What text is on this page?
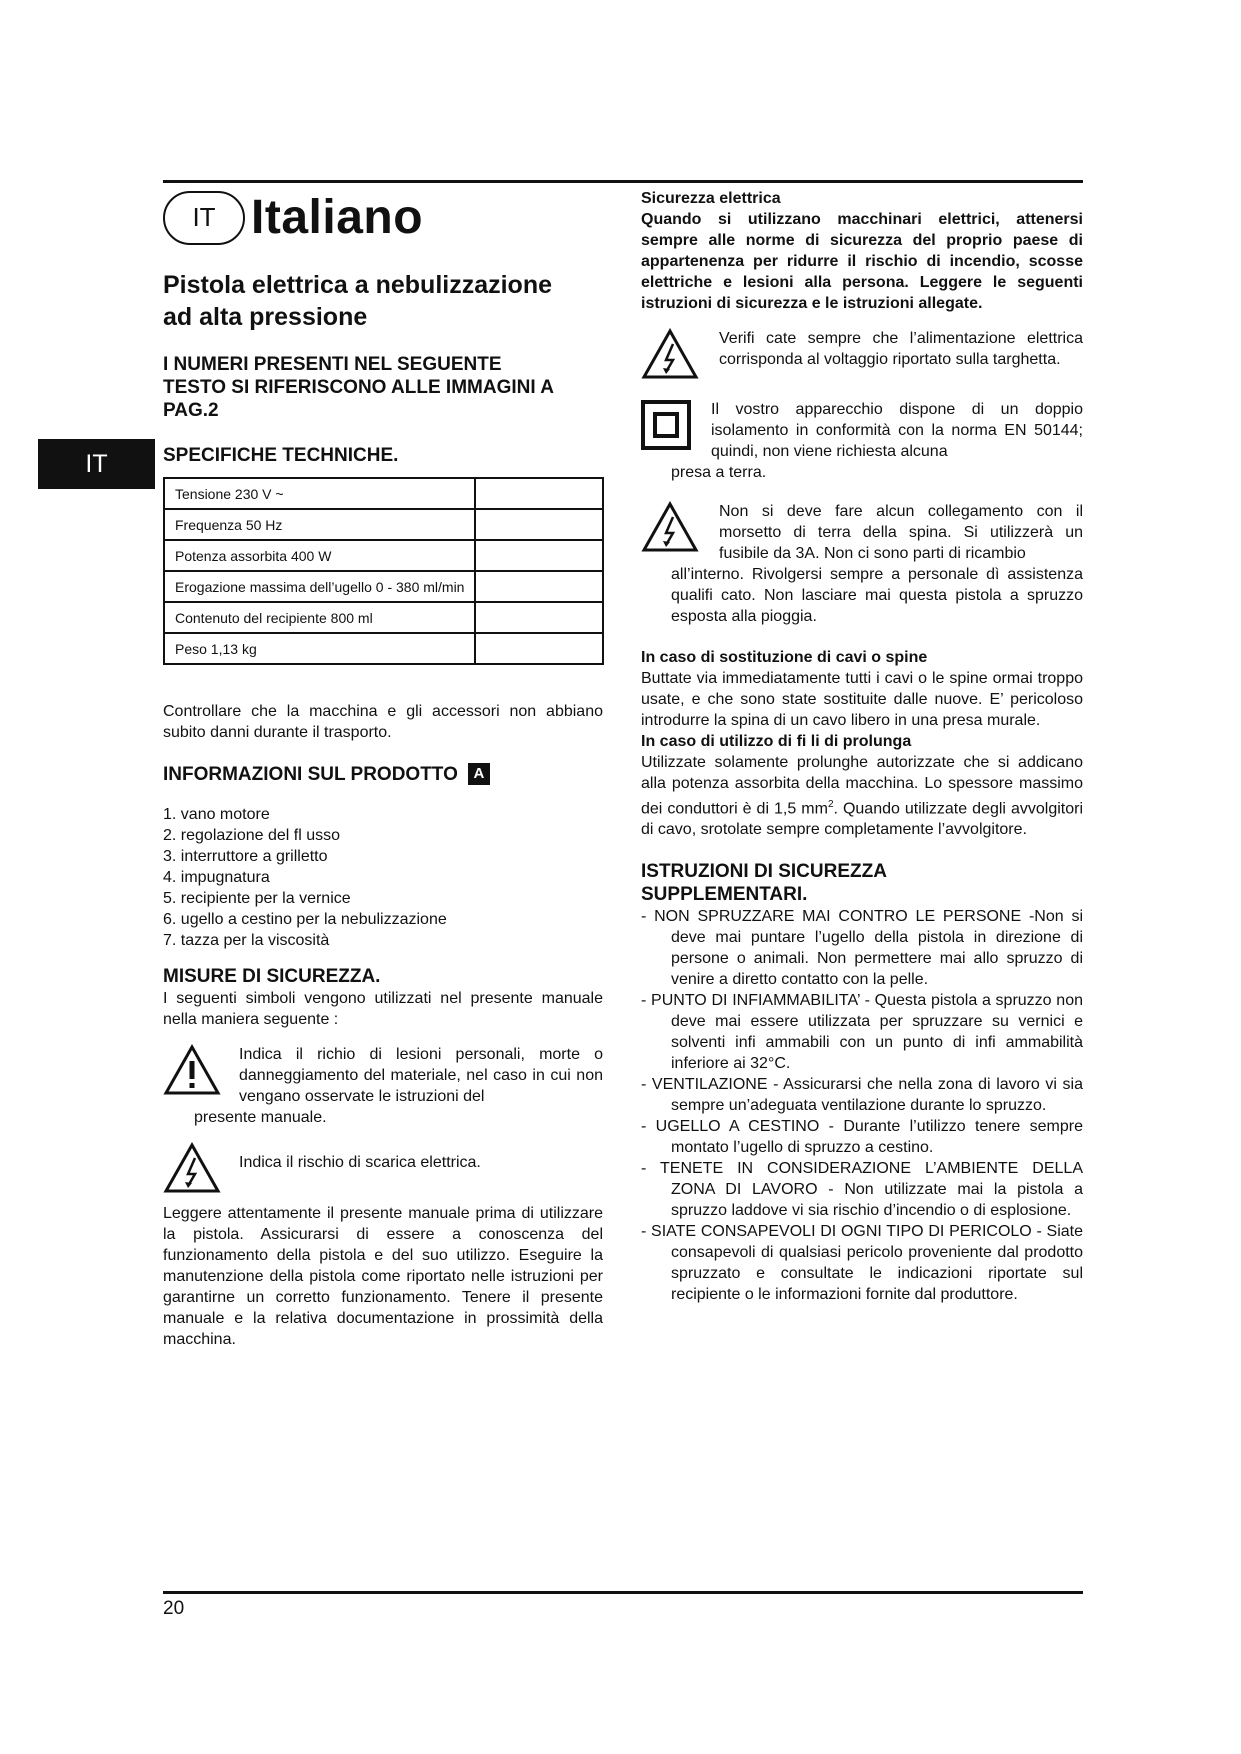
IT
IT Italiano
Pistola elettrica a nebulizzazione
ad alta pressione
I NUMERI PRESENTI NEL SEGUENTE
TESTO SI RIFERISCONO ALLE IMMAGINI A
PAG.2
SPECIFICHE TECHNICHE.
Tensione 230 V ~	
Frequenza 50 Hz	
Potenza assorbita 400 W	
Erogazione massima dell’ugello 0 - 380 ml/min	
Contenuto del recipiente 800 ml	
Peso 1,13 kg	
Controllare che la macchina e gli accessori non abbiano subito danni durante il trasporto.
INFORMAZIONI SUL PRODOTTO A
1. vano motore
2. regolazione del fl usso
3. interruttore a grilletto
4. impugnatura
5. recipiente per la vernice
6. ugello a cestino per la nebulizzazione
7. tazza per la viscosità
MISURE DI SICUREZZA.
I seguenti simboli vengono utilizzati nel presente manuale nella maniera seguente :
Indica il richio di lesioni personali, morte o danneggiamento del materiale, nel caso in cui non vengano osservate le istruzioni del
presente manuale.
Indica il rischio di scarica elettrica.
Leggere attentamente il presente manuale prima di utilizzare la pistola. Assicurarsi di essere a conoscenza del funzionamento della pistola e del suo utilizzo. Eseguire la manutenzione della pistola come riportato nelle istruzioni per garantirne un corretto funzionamento. Tenere il presente manuale e la relativa documentazione in prossimità della macchina.
Sicurezza elettrica
Quando si utilizzano macchinari elettrici, attenersi sempre alle norme di sicurezza del proprio paese di appartenenza per ridurre il rischio di incendio, scosse elettriche e lesioni alla persona. Leggere le seguenti istruzioni di sicurezza e le istruzioni allegate.
Verifi cate sempre che l’alimentazione elettrica corrisponda al voltaggio riportato sulla targhetta.
Il vostro apparecchio dispone di un doppio isolamento in conformità con la norma EN 50144; quindi, non viene richiesta alcuna
presa a terra.
Non si deve fare alcun collegamento con il morsetto di terra della spina. Si utilizzerà un fusibile da 3A. Non ci sono parti di ricambio
all’interno. Rivolgersi sempre a personale dì assistenza qualifi cato. Non lasciare mai questa pistola a spruzzo esposta alla pioggia.
In caso di sostituzione di cavi o spine
Buttate via immediatamente tutti i cavi o le spine ormai troppo usate, e che sono state sostituite dalle nuove. E’ pericoloso introdurre la spina di un cavo libero in una presa murale.
In caso di utilizzo di fi li di prolunga
Utilizzate solamente prolunghe autorizzate che si addicano alla potenza assorbita della macchina. Lo spessore massimo dei conduttori è di 1,5 $mm^2$. Quando utilizzate degli avvolgitori di cavo, srotolate sempre completamente l’avvolgitore.
ISTRUZIONI DI SICUREZZA
SUPPLEMENTARI.
- NON SPRUZZARE MAI CONTRO LE PERSONE -Non si deve mai puntare l’ugello della pistola in direzione di persone o animali. Non permettere mai allo spruzzo di venire a diretto contatto con la pelle.
- PUNTO DI INFIAMMABILITA’ - Questa pistola a spruzzo non deve mai essere utilizzata per spruzzare su vernici e solventi infi ammabili con un punto di infi ammabilità inferiore ai 32°C.
- VENTILAZIONE - Assicurarsi che nella zona di lavoro vi sia sempre un’adeguata ventilazione durante lo spruzzo.
- UGELLO A CESTINO - Durante l’utilizzo tenere sempre montato l’ugello di spruzzo a cestino.
- TENETE IN CONSIDERAZIONE L’AMBIENTE DELLA ZONA DI LAVORO - Non utilizzate mai la pistola a spruzzo laddove vi sia rischio d’incendio o di esplosione.
- SIATE CONSAPEVOLI DI OGNI TIPO DI PERICOLO - Siate consapevoli di qualsiasi pericolo proveniente dal prodotto spruzzato e consultate le indicazioni riportate sul recipiente o le informazioni fornite dal produttore.
20
